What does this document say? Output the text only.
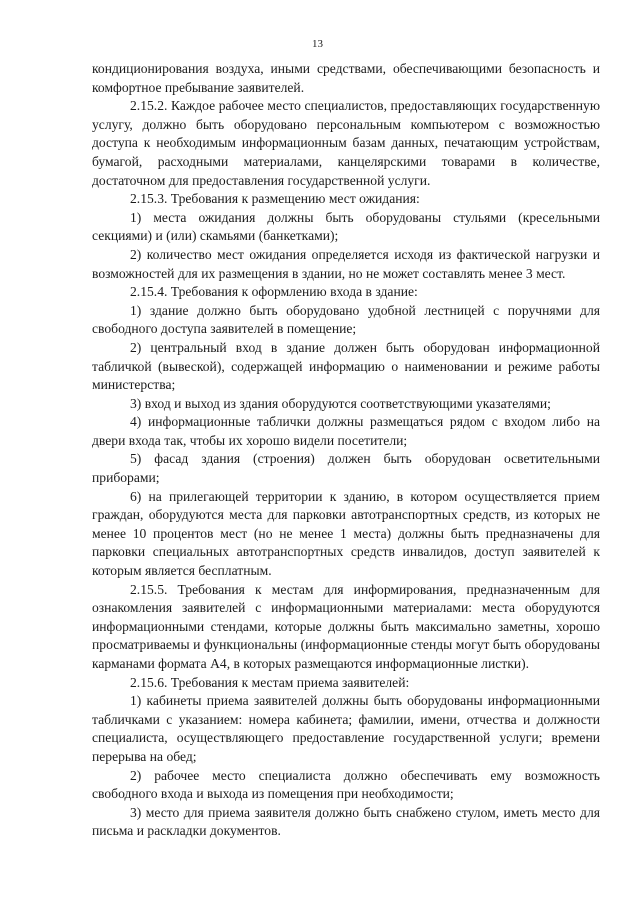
13

кондиционирования воздуха, иными средствами, обеспечивающими безопасность и комфортное пребывание заявителей.

2.15.2. Каждое рабочее место специалистов, предоставляющих государственную услугу, должно быть оборудовано персональным компьютером с возможностью доступа к необходимым информационным базам данных, печатающим устройствам, бумагой, расходными материалами, канцелярскими товарами в количестве, достаточном для предоставления государственной услуги.

2.15.3. Требования к размещению мест ожидания:

1) места ожидания должны быть оборудованы стульями (кресельными секциями) и (или) скамьями (банкетками);

2) количество мест ожидания определяется исходя из фактической нагрузки и возможностей для их размещения в здании, но не может составлять менее 3 мест.

2.15.4. Требования к оформлению входа в здание:

1) здание должно быть оборудовано удобной лестницей с поручнями для свободного доступа заявителей в помещение;

2) центральный вход в здание должен быть оборудован информационной табличкой (вывеской), содержащей информацию о наименовании и режиме работы министерства;

3) вход и выход из здания оборудуются соответствующими указателями;

4) информационные таблички должны размещаться рядом с входом либо на двери входа так, чтобы их хорошо видели посетители;

5) фасад здания (строения) должен быть оборудован осветительными приборами;

6) на прилегающей территории к зданию, в котором осуществляется прием граждан, оборудуются места для парковки автотранспортных средств, из которых не менее 10 процентов мест (но не менее 1 места) должны быть предназначены для парковки специальных автотранспортных средств инвалидов, доступ заявителей к которым является бесплатным.

2.15.5. Требования к местам для информирования, предназначенным для ознакомления заявителей с информационными материалами: места оборудуются информационными стендами, которые должны быть максимально заметны, хорошо просматриваемы и функциональны (информационные стенды могут быть оборудованы карманами формата А4, в которых размещаются информационные листки).

2.15.6. Требования к местам приема заявителей:

1) кабинеты приема заявителей должны быть оборудованы информационными табличками с указанием: номера кабинета; фамилии, имени, отчества и должности специалиста, осуществляющего предоставление государственной услуги; времени перерыва на обед;

2) рабочее место специалиста должно обеспечивать ему возможность свободного входа и выхода из помещения при необходимости;

3) место для приема заявителя должно быть снабжено стулом, иметь место для письма и раскладки документов.
